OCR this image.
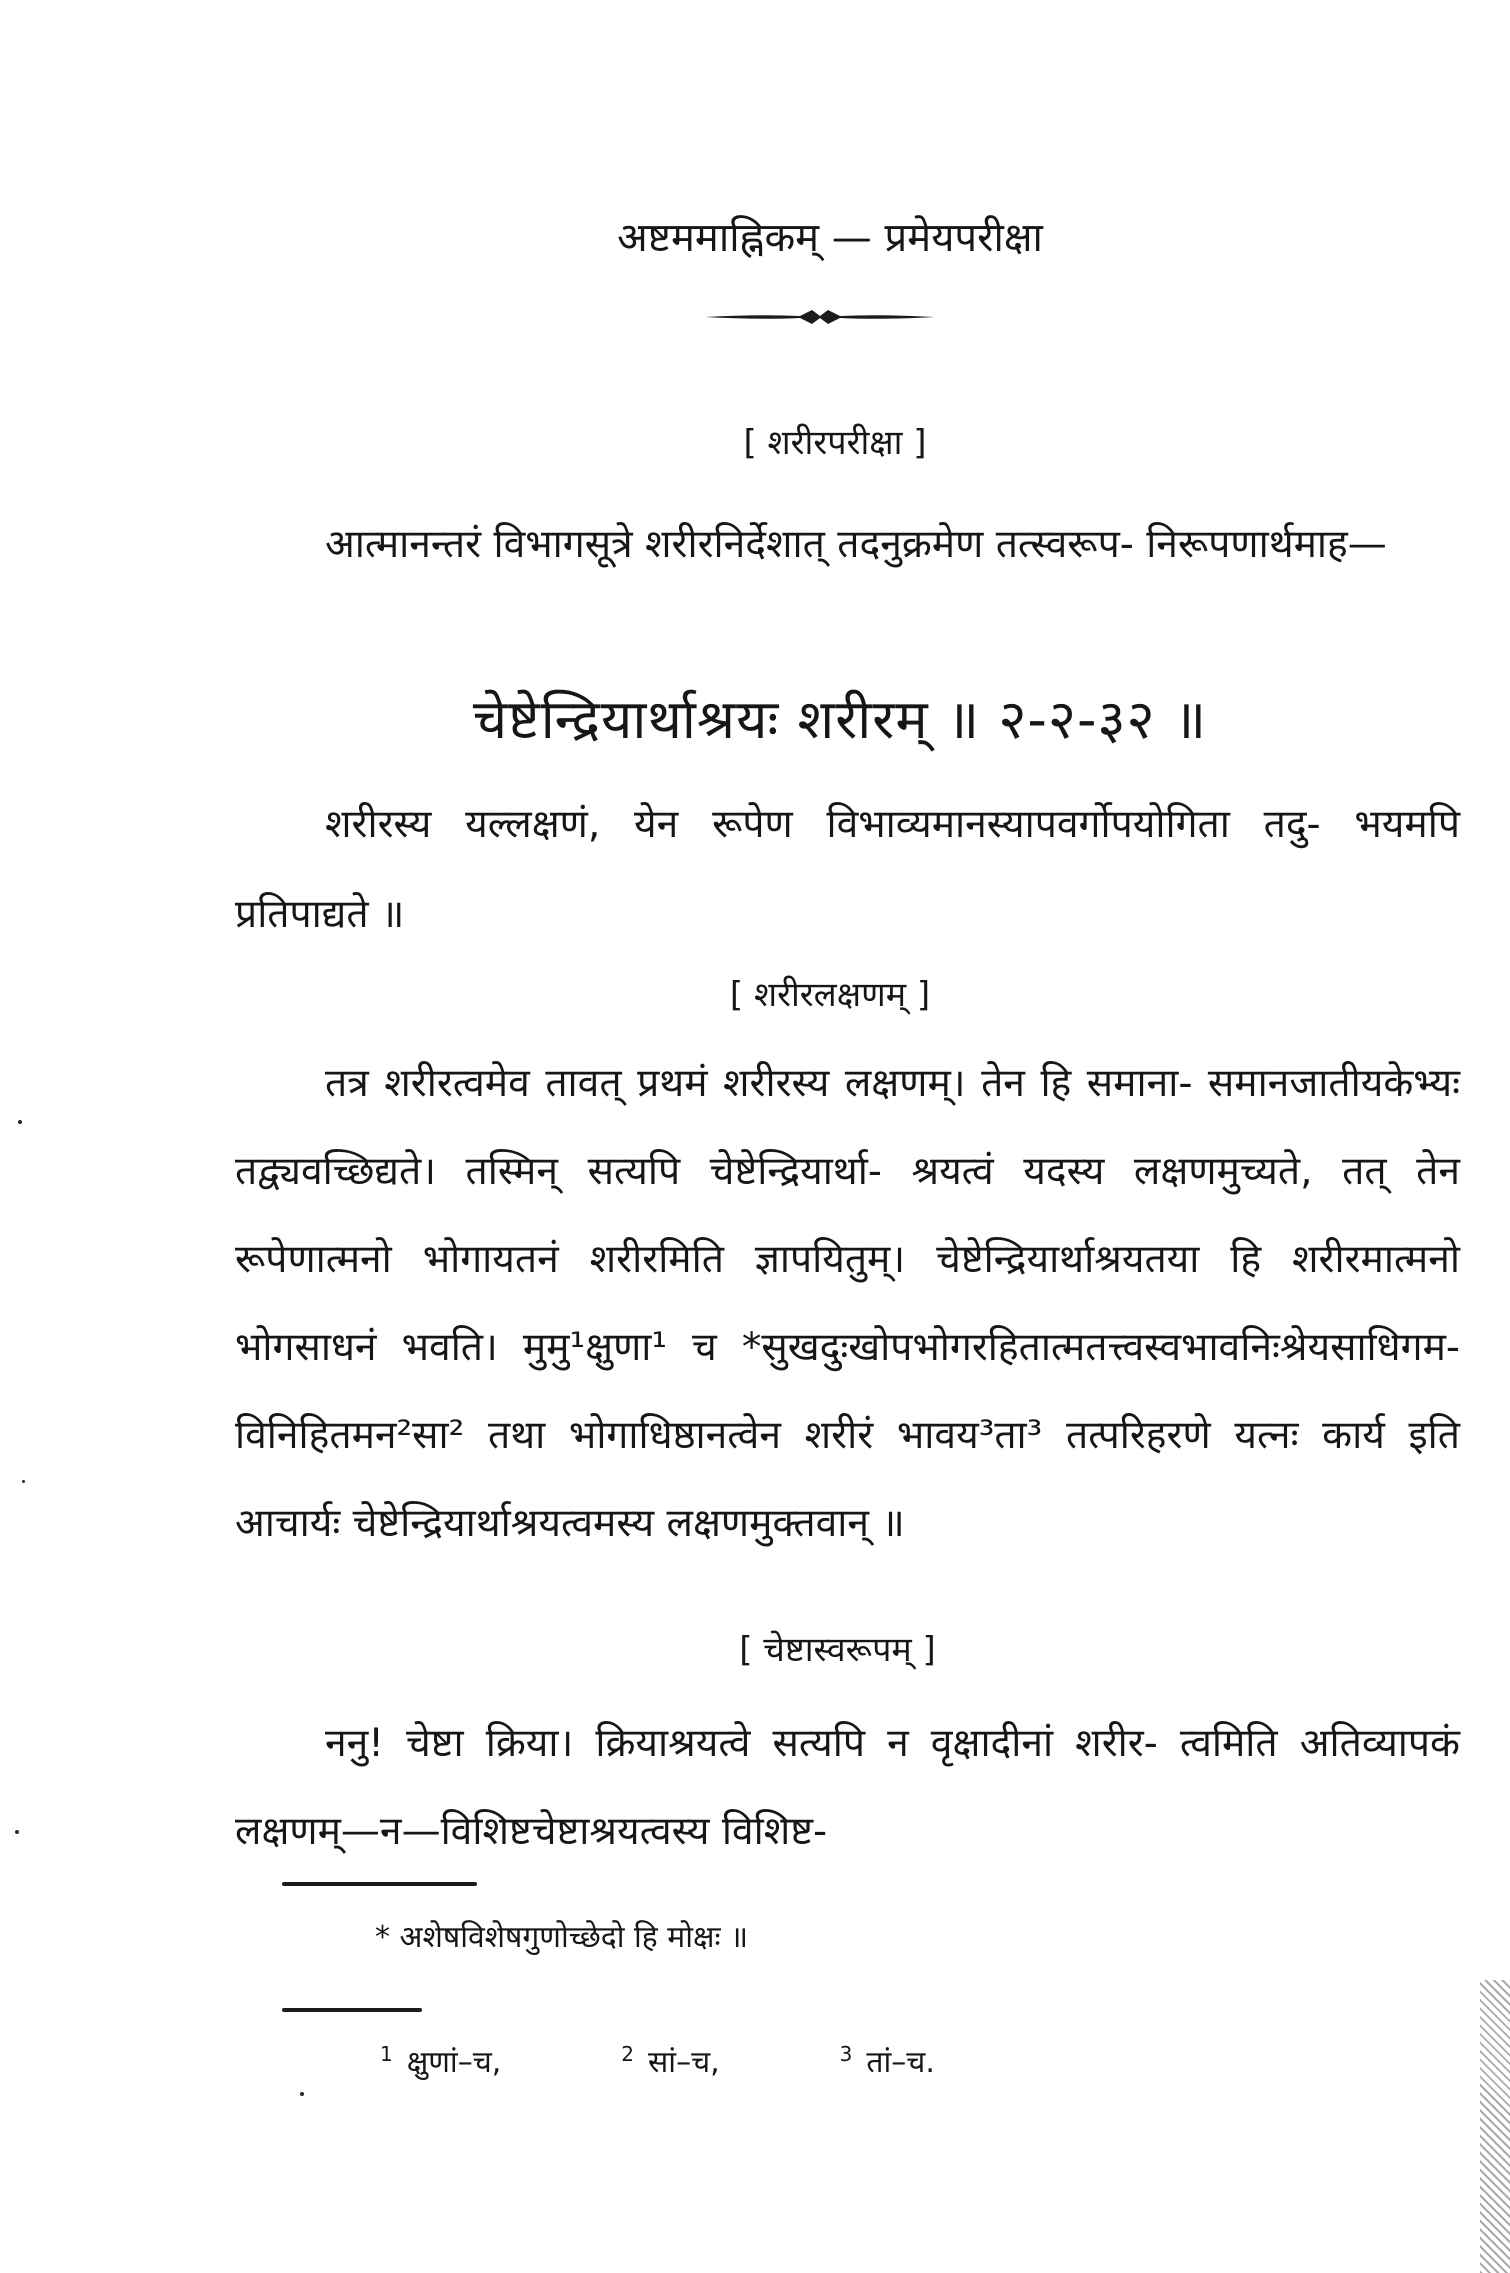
अष्टममाह्निकम् — प्रमेयपरीक्षा
[ शरीरपरीक्षा ]
आत्मानन्तरं विभागसूत्रे शरीरनिर्देशात् तदनुक्रमेण तत्स्वरूप- निरूपणार्थमाह—
चेष्टेन्द्रियार्थाश्रयः शरीरम् ॥ २-२-३२ ॥
शरीरस्य यल्लक्षणं, येन रूपेण विभाव्यमानस्यापवर्गोपयोगिता तदु- भयमपि प्रतिपाद्यते ॥
[ शरीरलक्षणम् ]
तत्र शरीरत्वमेव तावत् प्रथमं शरीरस्य लक्षणम्। तेन हि समाना- समानजातीयकेभ्यः तद्व्यवच्छिद्यते। तस्मिन् सत्यपि चेष्टेन्द्रियार्था- श्रयत्वं यदस्य लक्षणमुच्यते, तत् तेन रूपेणात्मनो भोगायतनं शरीरमिति ज्ञापयितुम्। चेष्टेन्द्रियार्थाश्रयतया हि शरीरमात्मनो भोगसाधनं भवति। मुमु¹क्षुणा¹ च *सुखदुःखोपभोगरहितात्मतत्त्वस्वभावनिःश्रेयसाधिगम- विनिहितमन²सा² तथा भोगाधिष्ठानत्वेन शरीरं भावय³ता³ तत्परिहरणे यत्नः कार्य इति आचार्यः चेष्टेन्द्रियार्थाश्रयत्वमस्य लक्षणमुक्तवान् ॥
[ चेष्टास्वरूपम् ]
ननु! चेष्टा क्रिया। क्रियाश्रयत्वे सत्यपि न वृक्षादीनां शरीर- त्वमिति अतिव्यापकं लक्षणम्—न—विशिष्टचेष्टाश्रयत्वस्य विशिष्ट-
* अशेषविशेषगुणोच्छेदो हि मोक्षः ॥
$^1$ क्षुणां–च,	$^2$ सां–च,	$^3$ तां–च.
